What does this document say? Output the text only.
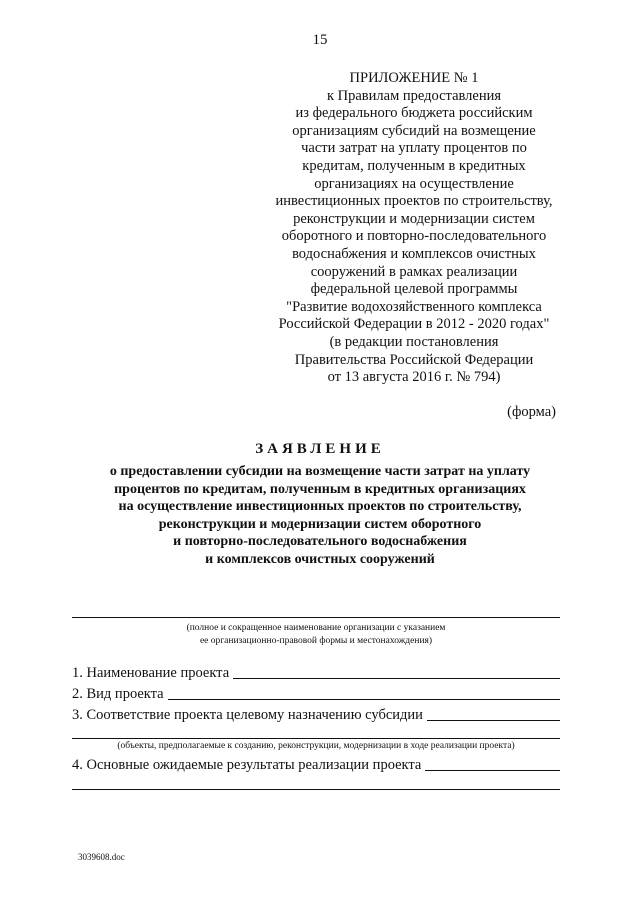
15
ПРИЛОЖЕНИЕ № 1
к Правилам предоставления
из федерального бюджета российским
организациям субсидий на возмещение
части затрат на уплату процентов по
кредитам, полученным в кредитных
организациях на осуществление
инвестиционных проектов по строительству,
реконструкции и модернизации систем
оборотного и повторно-последовательного
водоснабжения и комплексов очистных
сооружений в рамках реализации
федеральной целевой программы
"Развитие водохозяйственного комплекса
Российской Федерации в 2012 - 2020 годах"
(в редакции постановления
Правительства Российской Федерации
от 13 августа 2016 г. № 794)
(форма)
ЗАЯВЛЕНИЕ
о предоставлении субсидии на возмещение части затрат на уплату
процентов по кредитам, полученным в кредитных организациях
на осуществление инвестиционных проектов по строительству,
реконструкции и модернизации систем оборотного
и повторно-последовательного водоснабжения
и комплексов очистных сооружений
(полное и сокращенное наименование организации с указанием
ее организационно-правовой формы и местонахождения)
1. Наименование проекта
2. Вид проекта
3. Соответствие проекта целевому назначению субсидии
(объекты, предполагаемые к созданию, реконструкции, модернизации в ходе реализации проекта)
4. Основные ожидаемые результаты реализации проекта
3039608.doc
